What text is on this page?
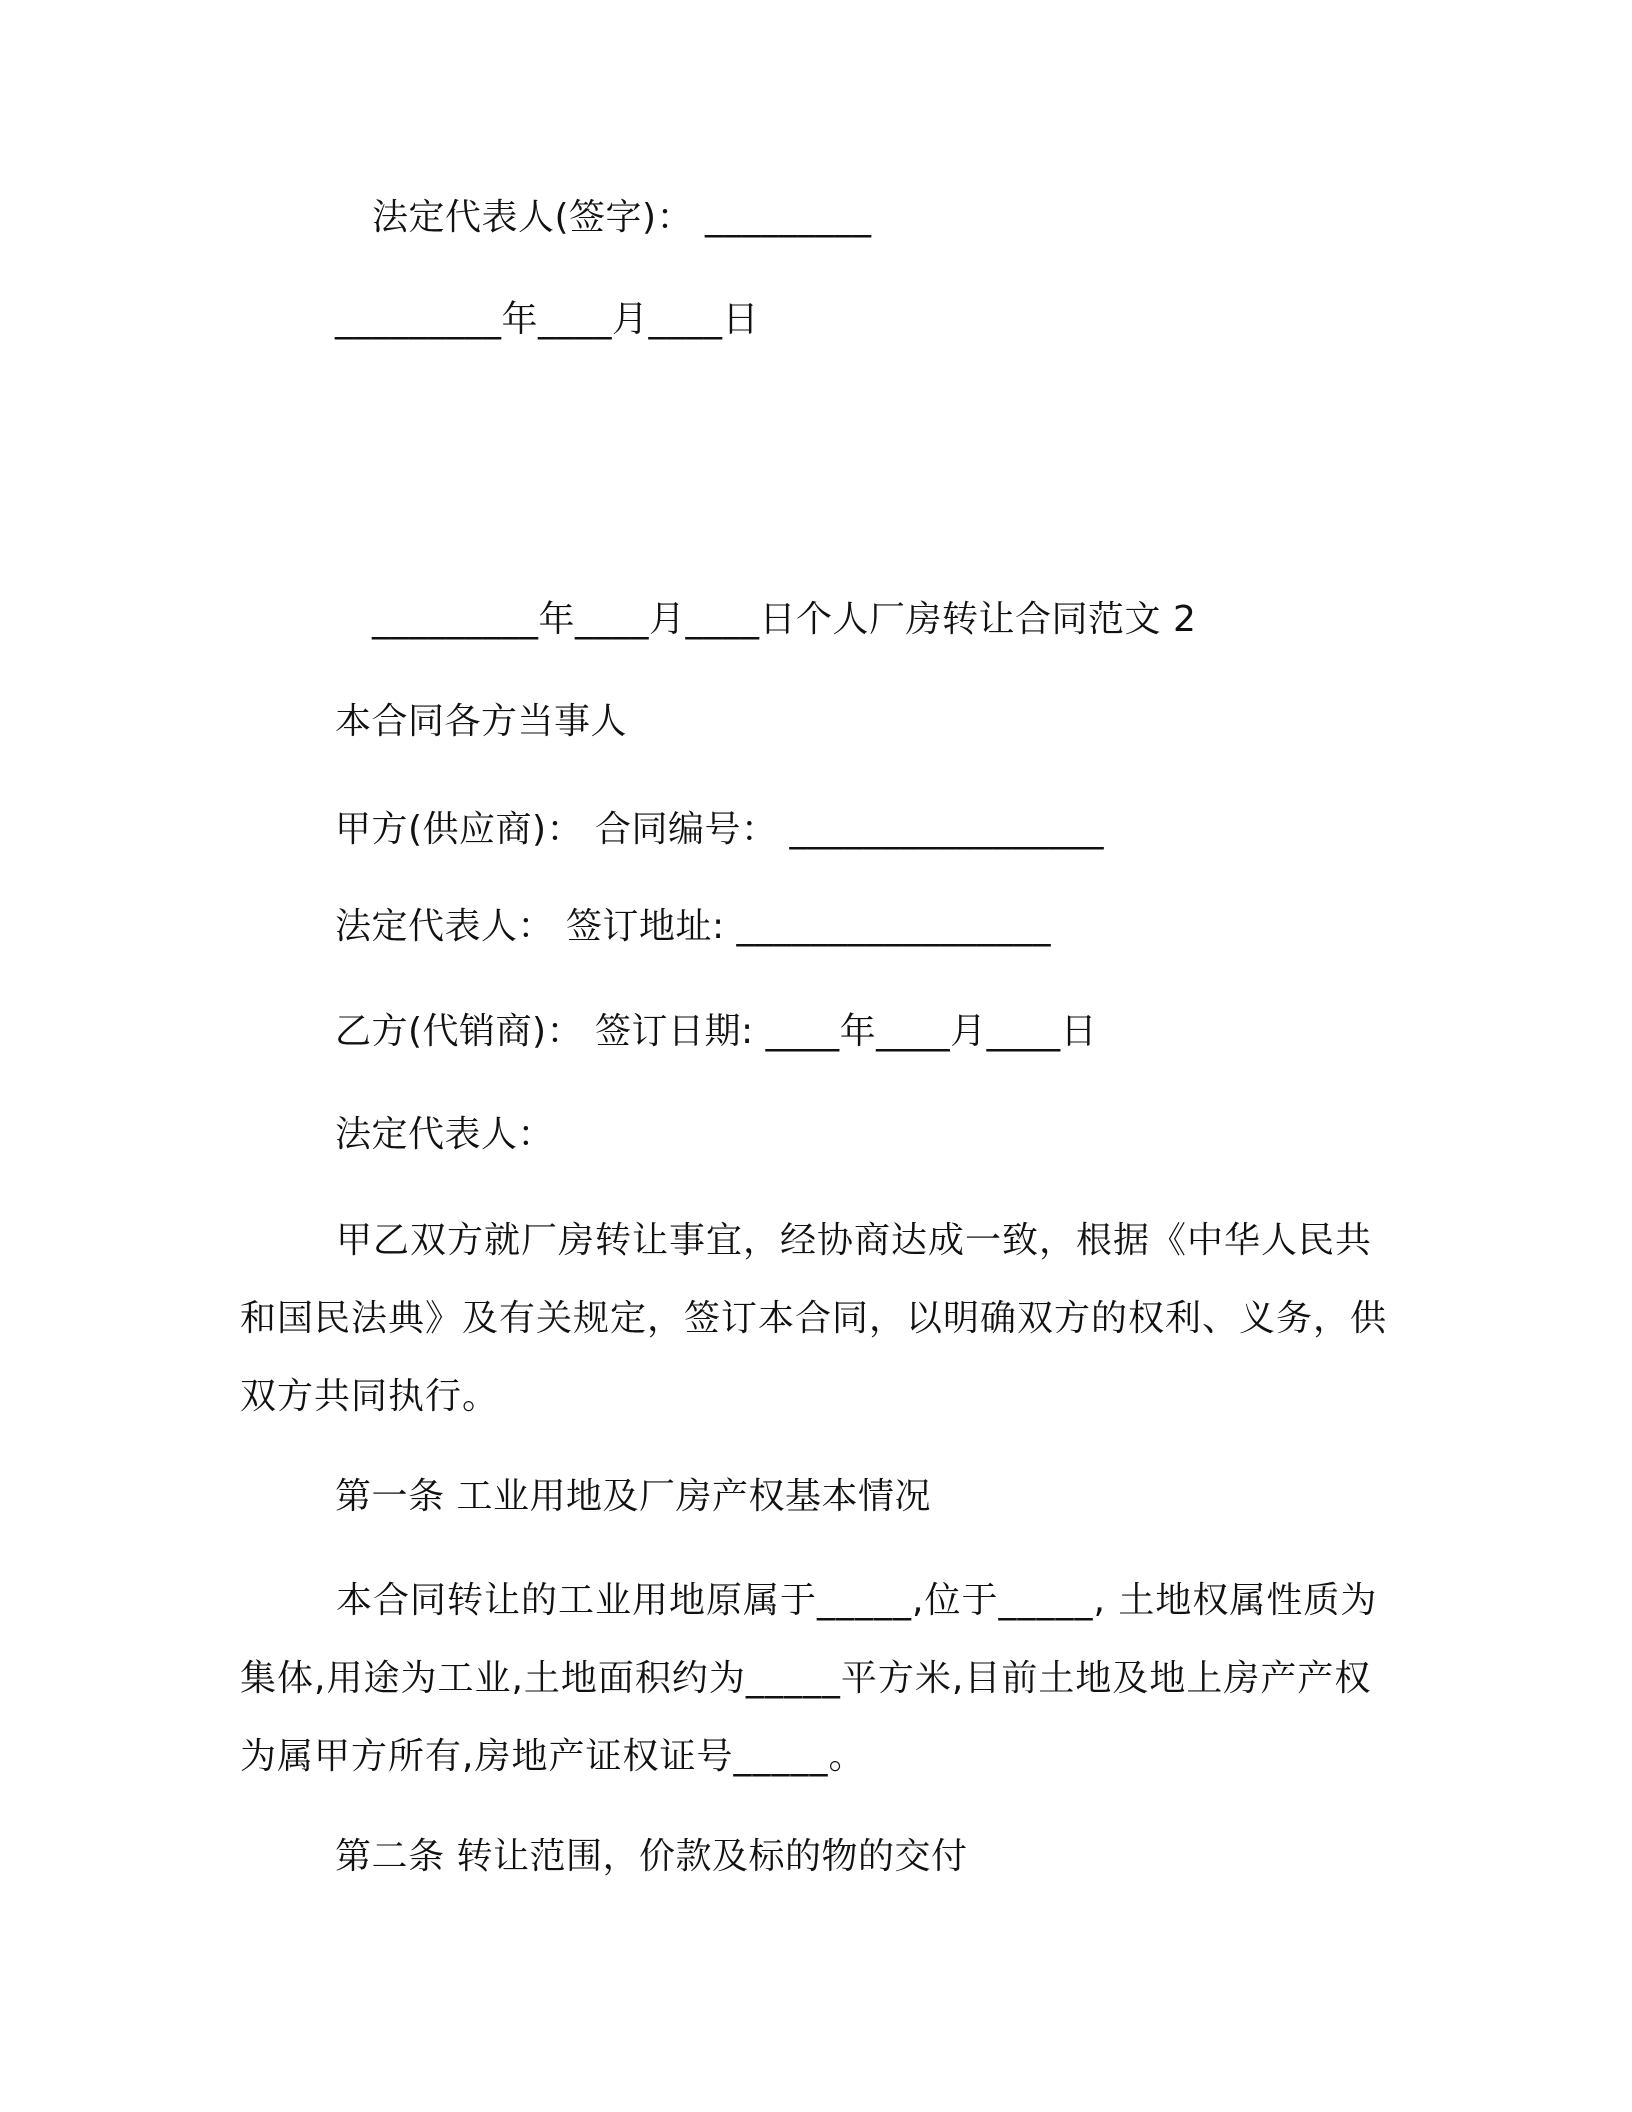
法定代表人(签字)： _________
_________年____月____日
_________年____月____日个人厂房转让合同范文 2
本合同各方当事人
甲方(供应商)： 合同编号： _________________
法定代表人： 签订地址: _________________
乙方(代销商)： 签订日期: ____年____月____日
法定代表人：
甲乙双方就厂房转让事宜，经协商达成一致，根据《中华人民共和国民法典》及有关规定，签订本合同，以明确双方的权利、义务，供双方共同执行。
第一条 工业用地及厂房产权基本情况
本合同转让的工业用地原属于_____,位于_____, 土地权属性质为集体,用途为工业,土地面积约为_____平方米,目前土地及地上房产产权为属甲方所有,房地产证权证号_____。
第二条 转让范围，价款及标的物的交付
